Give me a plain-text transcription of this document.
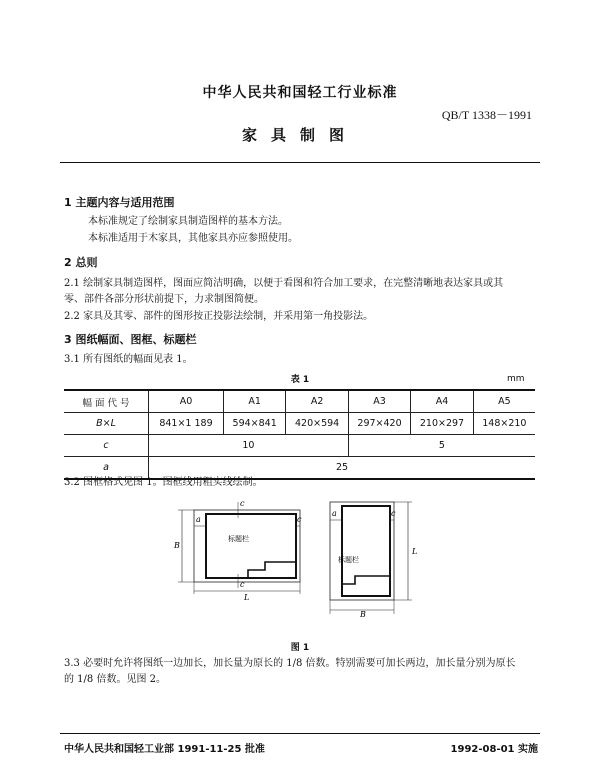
中华人民共和国轻工行业标准
QB/T 1338－1991
家具制图
1 主题内容与适用范围
本标准规定了绘制家具制造图样的基本方法。
本标准适用于木家具，其他家具亦应参照使用。
2 总则
2.1 绘制家具制造图样，图面应简洁明确，以便于看图和符合加工要求，在完整清晰地表达家具或其
零、部件各部分形状前提下，力求制图简便。
2.2 家具及其零、部件的图形按正投影法绘制，并采用第一角投影法。
3 图纸幅面、图框、标题栏
3.1 所有图纸的幅面见表 1。
表 1	mm
幅 面 代 号	A0	A1	A2	A3	A4	A5
B×L	841×1 189	594×841	420×594	297×420	210×297	148×210
c	10			5		
a	25					
3.2 图框格式见图 1。图框线用粗实线绘制。
标题栏
标题栏
a	c
c
c
B
L
a	c
L
B
图 1
3.3 必要时允许将图纸一边加长，加长量为原长的 1/8 倍数。特别需要可加长两边，加长量分别为原长
的 1/8 倍数。见图 2。
中华人民共和国轻工业部 1991-11-25 批准	1992-08-01 实施
